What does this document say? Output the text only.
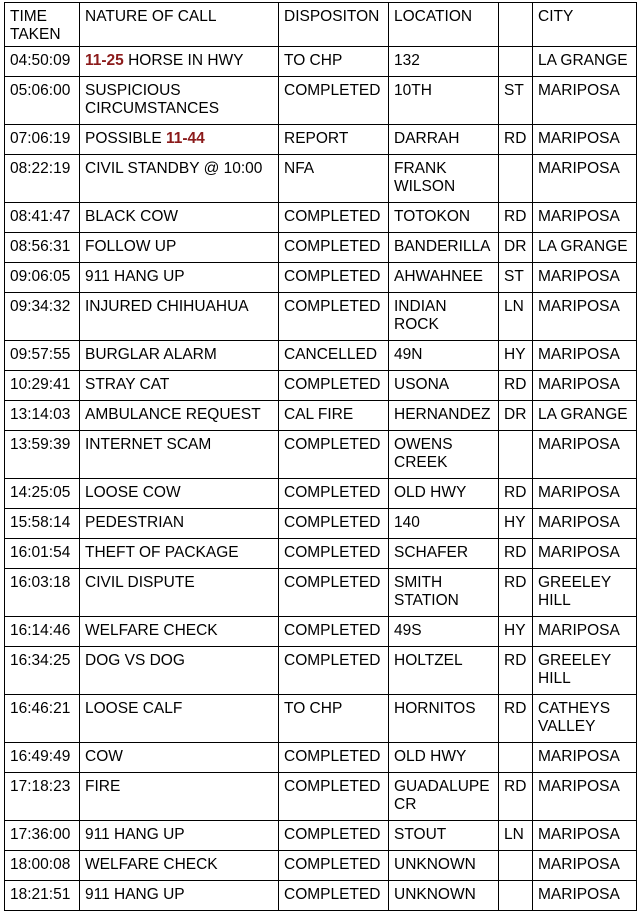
TIME TAKEN	NATURE OF CALL	DISPOSITON	LOCATION		CITY
04:50:09	11-25 HORSE IN HWY	TO CHP	132		LA GRANGE
05:06:00	SUSPICIOUS CIRCUMSTANCES	COMPLETED	10TH	ST	MARIPOSA
07:06:19	POSSIBLE 11-44	REPORT	DARRAH	RD	MARIPOSA
08:22:19	CIVIL STANDBY @ 10:00	NFA	FRANK WILSON		MARIPOSA
08:41:47	BLACK COW	COMPLETED	TOTOKON	RD	MARIPOSA
08:56:31	FOLLOW UP	COMPLETED	BANDERILLA	DR	LA GRANGE
09:06:05	911 HANG UP	COMPLETED	AHWAHNEE	ST	MARIPOSA
09:34:32	INJURED CHIHUAHUA	COMPLETED	INDIAN ROCK	LN	MARIPOSA
09:57:55	BURGLAR ALARM	CANCELLED	49N	HY	MARIPOSA
10:29:41	STRAY CAT	COMPLETED	USONA	RD	MARIPOSA
13:14:03	AMBULANCE REQUEST	CAL FIRE	HERNANDEZ	DR	LA GRANGE
13:59:39	INTERNET SCAM	COMPLETED	OWENS CREEK		MARIPOSA
14:25:05	LOOSE COW	COMPLETED	OLD HWY	RD	MARIPOSA
15:58:14	PEDESTRIAN	COMPLETED	140	HY	MARIPOSA
16:01:54	THEFT OF PACKAGE	COMPLETED	SCHAFER	RD	MARIPOSA
16:03:18	CIVIL DISPUTE	COMPLETED	SMITH STATION	RD	GREELEY HILL
16:14:46	WELFARE CHECK	COMPLETED	49S	HY	MARIPOSA
16:34:25	DOG VS DOG	COMPLETED	HOLTZEL	RD	GREELEY HILL
16:46:21	LOOSE CALF	TO CHP	HORNITOS	RD	CATHEYS VALLEY
16:49:49	COW	COMPLETED	OLD HWY		MARIPOSA
17:18:23	FIRE	COMPLETED	GUADALUPE CR	RD	MARIPOSA
17:36:00	911 HANG UP	COMPLETED	STOUT	LN	MARIPOSA
18:00:08	WELFARE CHECK	COMPLETED	UNKNOWN		MARIPOSA
18:21:51	911 HANG UP	COMPLETED	UNKNOWN		MARIPOSA
